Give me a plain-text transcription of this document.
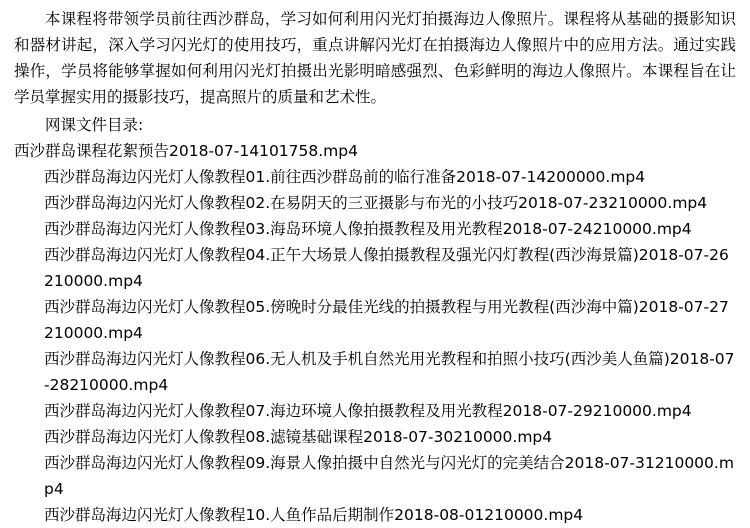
本课程将带领学员前往西沙群岛，学习如何利用闪光灯拍摄海边人像照片。课程将从基础的摄影知识和器材讲起，深入学习闪光灯的使用技巧，重点讲解闪光灯在拍摄海边人像照片中的应用方法。通过实践操作，学员将能够掌握如何利用闪光灯拍摄出光影明暗感强烈、色彩鲜明的海边人像照片。本课程旨在让学员掌握实用的摄影技巧，提高照片的质量和艺术性。

网课文件目录:

西沙群岛课程花絮预告2018-07-14101758.mp4
西沙群岛海边闪光灯人像教程01.前往西沙群岛前的临行准备2018-07-14200000.mp4
西沙群岛海边闪光灯人像教程02.在易阴天的三亚摄影与布光的小技巧2018-07-23210000.mp4
西沙群岛海边闪光灯人像教程03.海岛环境人像拍摄教程及用光教程2018-07-24210000.mp4
西沙群岛海边闪光灯人像教程04.正午大场景人像拍摄教程及强光闪灯教程(西沙海景篇)2018-07-26210000.mp4
西沙群岛海边闪光灯人像教程05.傍晚时分最佳光线的拍摄教程与用光教程(西沙海中篇)2018-07-27210000.mp4
西沙群岛海边闪光灯人像教程06.无人机及手机自然光用光教程和拍照小技巧(西沙美人鱼篇)2018-07-28210000.mp4
西沙群岛海边闪光灯人像教程07.海边环境人像拍摄教程及用光教程2018-07-29210000.mp4
西沙群岛海边闪光灯人像教程08.滤镜基础课程2018-07-30210000.mp4
西沙群岛海边闪光灯人像教程09.海景人像拍摄中自然光与闪光灯的完美结合2018-07-31210000.mp4
西沙群岛海边闪光灯人像教程10.人鱼作品后期制作2018-08-01210000.mp4
